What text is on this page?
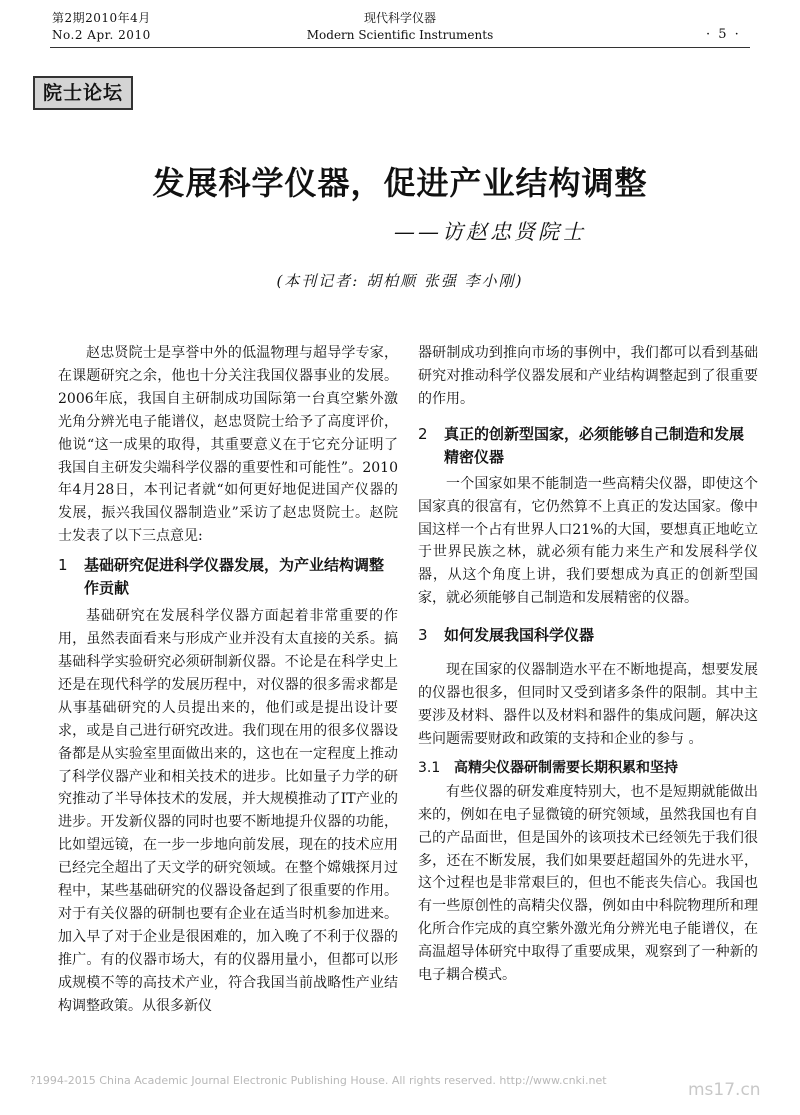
第2期2010年4月
No.2 Apr. 2010
现代科学仪器
Modern Scientific Instruments	· 5 ·
院士论坛
发展科学仪器，促进产业结构调整
——访赵忠贤院士
(本刊记者: 胡柏顺 张强 李小刚)

赵忠贤院士是享誉中外的低温物理与超导学专家，在课题研究之余，他也十分关注我国仪器事业的发展。2006年底，我国自主研制成功国际第一台真空紫外激光角分辨光电子能谱仪，赵忠贤院士给予了高度评价，他说“这一成果的取得，其重要意义在于它充分证明了我国自主研发尖端科学仪器的重要性和可能性”。2010年4月28日，本刊记者就“如何更好地促进国产仪器的发展，振兴我国仪器制造业”采访了赵忠贤院士。赵院士发表了以下三点意见:

1	基础研究促进科学仪器发展，为产业结构调整作贡献

基础研究在发展科学仪器方面起着非常重要的作用，虽然表面看来与形成产业并没有太直接的关系。搞基础科学实验研究必须研制新仪器。不论是在科学史上还是在现代科学的发展历程中，对仪器的很多需求都是从事基础研究的人员提出来的，他们或是提出设计要求，或是自己进行研究改进。我们现在用的很多仪器设备都是从实验室里面做出来的，这也在一定程度上推动了科学仪器产业和相关技术的进步。比如量子力学的研究推动了半导体技术的发展，并大规模推动了IT产业的进步。开发新仪器的同时也要不断地提升仪器的功能，比如望远镜，在一步一步地向前发展，现在的技术应用已经完全超出了天文学的研究领域。在整个嫦娥探月过程中，某些基础研究的仪器设备起到了很重要的作用。对于有关仪器的研制也要有企业在适当时机参加进来。加入早了对于企业是很困难的，加入晚了不利于仪器的推广。有的仪器市场大，有的仪器用量小，但都可以形成规模不等的高技术产业，符合我国当前战略性产业结构调整政策。从很多新仪

器研制成功到推向市场的事例中，我们都可以看到基础研究对推动科学仪器发展和产业结构调整起到了很重要的作用。

2	真正的创新型国家，必须能够自己制造和发展精密仪器

一个国家如果不能制造一些高精尖仪器，即使这个国家真的很富有，它仍然算不上真正的发达国家。像中国这样一个占有世界人口21%的大国，要想真正地屹立于世界民族之林，就必须有能力来生产和发展科学仪器，从这个角度上讲，我们要想成为真正的创新型国家，就必须能够自己制造和发展精密的仪器。

3	如何发展我国科学仪器

现在国家的仪器制造水平在不断地提高，想要发展的仪器也很多，但同时又受到诸多条件的限制。其中主要涉及材料、器件以及材料和器件的集成问题，解决这些问题需要财政和政策的支持和企业的参与 。

3.1 高精尖仪器研制需要长期积累和坚持

有些仪器的研发难度特别大，也不是短期就能做出来的，例如在电子显微镜的研究领域，虽然我国也有自己的产品面世，但是国外的该项技术已经领先于我们很多，还在不断发展，我们如果要赶超国外的先进水平，这个过程也是非常艰巨的，但也不能丧失信心。我国也有一些原创性的高精尖仪器，例如由中科院物理所和理化所合作完成的真空紫外激光角分辨光电子能谱仪，在高温超导体研究中取得了重要成果，观察到了一种新的电子耦合模式。

?1994-2015 China Academic Journal Electronic Publishing House. All rights reserved. http://www.cnki.net	ms17.cn
